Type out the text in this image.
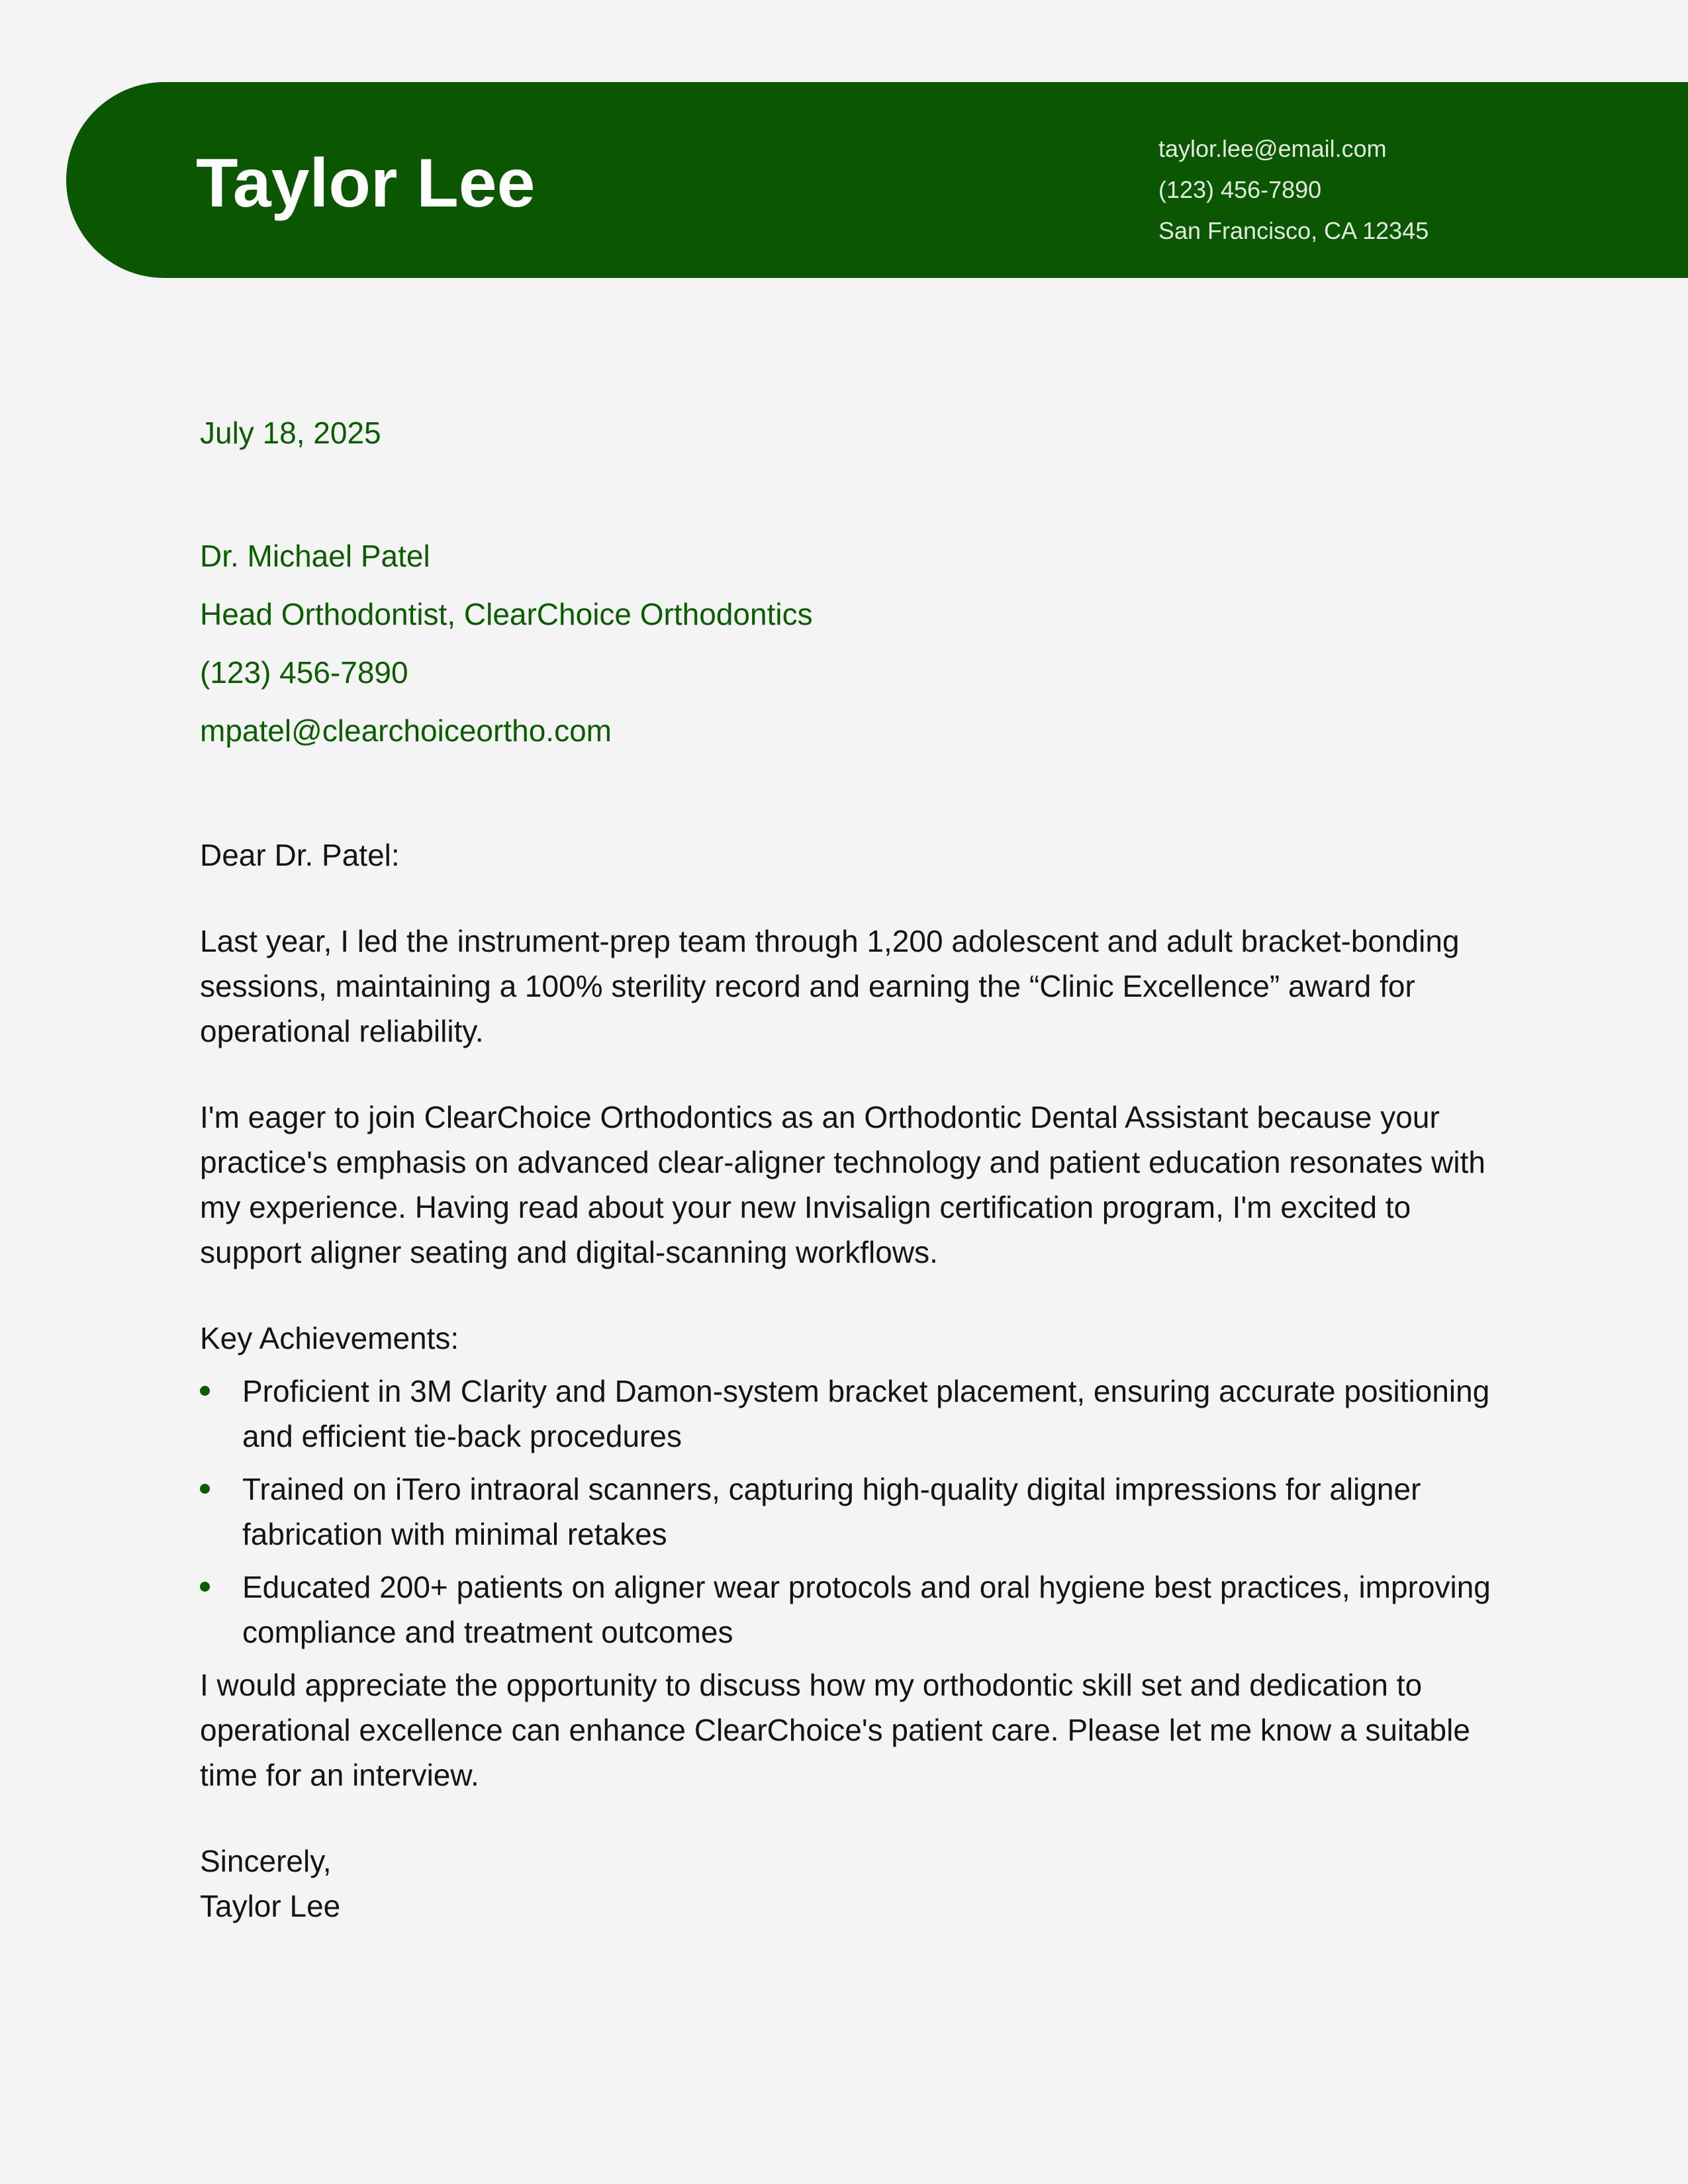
Taylor Lee	taylor.lee@email.com
(123) 456-7890
San Francisco, CA 12345
July 18, 2025
Dr. Michael Patel
Head Orthodontist, ClearChoice Orthodontics
(123) 456-7890
mpatel@clearchoiceortho.com
Dear Dr. Patel:

Last year, I led the instrument-prep team through 1,200 adolescent and adult bracket-bonding sessions, maintaining a 100% sterility record and earning the “Clinic Excellence” award for operational reliability.

I'm eager to join ClearChoice Orthodontics as an Orthodontic Dental Assistant because your practice's emphasis on advanced clear-aligner technology and patient education resonates with my experience. Having read about your new Invisalign certification program, I'm excited to support aligner seating and digital-scanning workflows.

Key Achievements:
Proficient in 3M Clarity and Damon-system bracket placement, ensuring accurate positioning and efficient tie-back procedures
Trained on iTero intraoral scanners, capturing high-quality digital impressions for aligner fabrication with minimal retakes
Educated 200+ patients on aligner wear protocols and oral hygiene best practices, improving compliance and treatment outcomes

I would appreciate the opportunity to discuss how my orthodontic skill set and dedication to operational excellence can enhance ClearChoice's patient care. Please let me know a suitable time for an interview.

Sincerely,
Taylor Lee
